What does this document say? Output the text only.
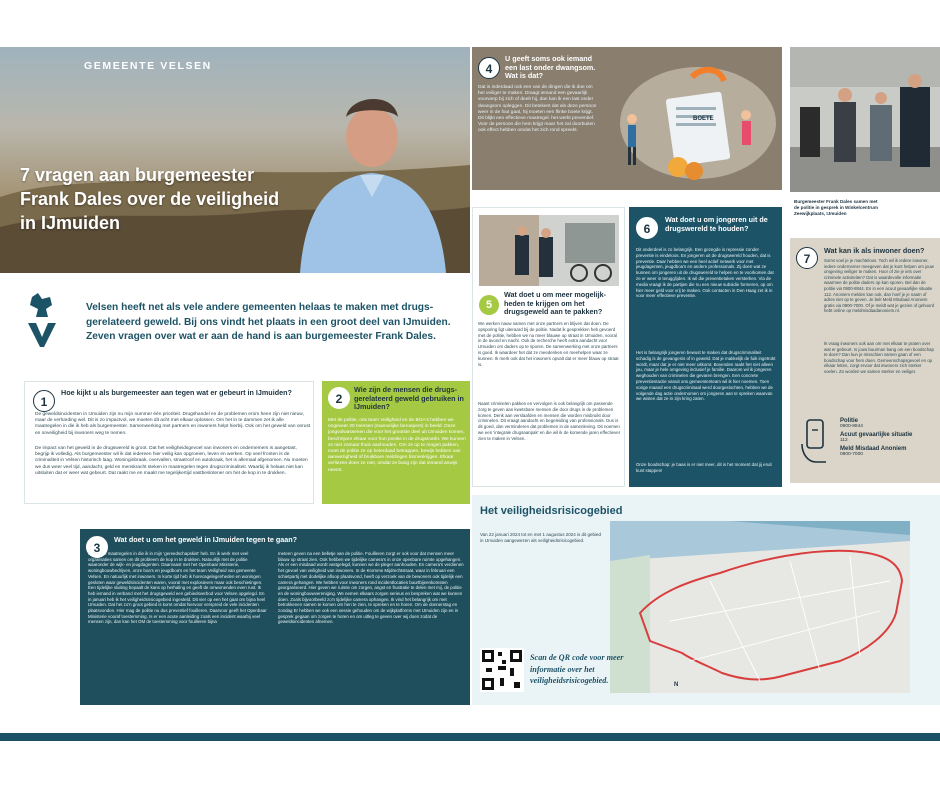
GEMEENTE VELSEN
7 vragen aan burgemeester
Frank Dales over de veiligheid
in IJmuiden
Velsen heeft net als vele andere gemeenten helaas te maken met drugs-
gerelateerd geweld. Bij ons vindt het plaats in een groot deel van IJmuiden.
Zeven vragen over wat er aan de hand is aan burgemeester Frank Dales.
1
Hoe kijkt u als burgemeester aan tegen wat er gebeurt in IJmuiden?
De geweldsincidenten in IJmuiden zijn nu mijn nummer één prioriteit. Drugshandel en de problemen erom heen zijn niet nieuw, maar de verharding wel. Dit is zo impactvol, we moeten dit acht met elkaar oplossen. Om het in te dammen zet ik alle maatregelen in die ik heb als burgemeester. Samenwerking met partners en inwoners helpt hierbij. Ook om het geweld van onrust en onveiligheid bij inwoners weg te nemen.
De impact van het geweld in de drugswereld is groot. Dat het veiligheidsgevoel van inwoners en ondernemers is aangetast, begrijp ik volledig. Als burgemeester wil ik dat iedereen hier veilig kan opgroeien, leven en werken. Op veel fronten is de criminaliteit in Velsen historisch laag. Woninginbraak, overvallen, straatroof en autokraak, het is allemaal afgenomen. Nu moeten we dus weer veel tijd, aandacht, geld en menskracht steken in maatregelen tegen drugscriminaliteit. Waarbij ik helaas niet kan uitsluiten dat er weer wat gebeurt. Dat raakt me en maakt me tegelijkertijd vastbeslotener om het de kop in te drukken.
2
Wie zijn de mensen die drugs-gerelateerd geweld gebruiken in IJmuiden?
Met de politie, ons team Veiligheid en de BOA's hebben we ongeveer 20 mensen (mannelijke beroepers) in beeld. Deze jongvolwassenen die voor het grootste deel uit IJmuiden komen, beschrijven elkaar voor hun positie in de drugsmarkt. We kunnen ze niet zomaar thuis aanhouden. Om ze op te mogen pakken, moet de politie ze op heterdaad betrappen, bewijs hebben van aanwezigheid of bruikbare meldingen binnenkrijgen. Elkaar verliezen doen ze niet, omdat ze bang zijn dat iemand anwijs neemt.
3
Wat doet u om het geweld in IJmuiden tegen te gaan?
Ik zet alle maatregelen in die ik in mijn 'gereedschapskist' heb. En ik werk met veel organisaties samen om dit probleem de kop in te drukken. Natuurlijk met de politie waaronder de wijk- en jeugdagenten. Daarnaast met het Openbaar Ministerie, woningbouwbedrijven, onze boa's en jeugdboa's en het team Veiligheid van gemeente Velsen. En natuurlijk met inwoners. In korte tijd heb ik horecagelegenheden en woningen gesloten waar geweldsincidenten waren, vooral met explosieven maar ook beschietingen. Een tijdelijke sluiting bepaalt de kans op herhaling en geeft de omwonenden even rust. Ik heb iemand in verband met het drugsgeweld een gebiedsverbod voor Velsen opgelegd. En in januari heb ik het veiligheidsrisicogebied ingesteld. Dit vier op een het gaat om bijna heel IJmuiden. Dat het zo'n groot gebied is komt omdat hiervoor verspreid de vele incidenten plaatsvonden. Hier mag de politie nu dus preventief fouilleren. Daarvoor geeft het Openbaar Ministerie vooraf toestemming. Is er een acute aanleiding zoals een incident waarbij veel mensen zijn, dan kan het OM de toestemming voor fouilleren bijna
meteen geven na een belletje van de politie. Fouilleren zorgt er ook voor dat mensen meer blauw op straat zien. Ook hebben we tijdelijke camera's in onze openbare ruimte opgehangen. Als er een misdaad wordt vastgelegd, kunnen we de pleger aanhouden. En camera's verdienen het gevoel van veiligheid van inwoners. In de Kromme Mijdrechtstraat, waar in februari een schietpartij met dodelijke afloop plaatsvond, heeft op verzoek van de bewoners ook tijdelijk een camera gehangen. We hebben voor inwoners rond incidentlocaties buurtbijeenkomsten georganiseerd. Hier geven we ruimte om zorgen, angst en frustratie te delen met mij, de politie en de woningbouwvereniging. We nemen elkaars zorgen serieus en bespreken wat we kunnen doen. Zoals bijvoorbeeld zo'n tijdelijke camera ophangen. Ik vind het belangrijk om met betrokkenen samen te komen om hen te zien, te spreken en te horen. Om de donnerstag en zondag Er hebben we ook een sessie gehouden om de wijkplatforms met IJmuiden zijn en in gesprek gegaan om zorgen te horen en om uitleg te geven over wij doen zodat de geweldsincidenten afnemen.
4
U geeft soms ook iemand een last onder dwangsom. Wat is dat?
Dat is inderdaad ook een van de dingen die ik doe om het veiliger te maken. Draagt iemand een gevaarlijk voorwerp bij zich of deelt hij, dan kan ik een last onder dwangsom opleggen. Dit betekent dat als deze persoon weer in de fout gaat, hij moeten een flinke boete krijgt. Dit blijkt een effectieve maatregel. het werkt preventief. Voor de persoon die hem krijgt maar het zal doorbuiten ook effect hebben omdat het zich rond spreekt.
BOETE
5
Wat doet u om meer mogelijk-heden te krijgen om het drugsgeweld aan te pakken?
We werken nauw samen met onze partners en blijven dat doen. De opsporing ligt uiteraard bij de politie. Nadat ik gesprekken heb gevoerd met de politie, hebben we nu meer blauwe op straat in IJmuiden, vooral in de avond en nacht. Ook de recherche heeft extra aandacht voor IJmuiden om daders op te sporen. De samenwerking met onze partners is goed. Ik waardeer het dat ze meedenken en meehelpen waar ze kunnen. Ik merk ook dat het inwoners opvalt dat er meer blauw op straat is.
Naast criminelen pakken en vervolgen is ook belangrijk om passende zorg te geven aan kwetsbare mensen die door drugs in de problemen komen. Denk aan verslaafden en mensen die worden misbruikt door criminelen. Dit vraagt aandacht en begeleiding van professionals. Dus is dit goed, dan verminderen dat problemen in de samenleving. Dit noemen we een 'integrale drugsaanpak' en die wil ik de komende jaren effectiever zien te maken in Velsen.
6
Wat doet u om jongeren uit de drugswereld te houden?
Dit onderdeel is zo belangrijk. Een gezegde is repressie zonder preventie is eindeloos. En jongeren uit de drugswereld houden, dat is preventie. Daar hebben we een heel actief netwerk voor met jeugdagenten, jeugdboa's en andere professionals. Zij doen wat ze kunnen om jongeren uit de drugswereld te helpen en te voorkomen dat ze er weer in terugglijden. Ik wil die preventietaken versterken. Via de media vraagt ik de partijen die nu een nieuw subsidie formeren, op om hier meer geld voor vrij te maken. Ook contacten in Den Haag zet ik in voor meer effectieve preventie.
Het is belangrijk jongeren bewust te maken dat drugscriminaliteit schadig is de gevangenis of in geweld. Dat je makkelijk de fuik ingetrokt wordt, maar dat je er niet meer uitkomt. Bovenden raakt het niet alleen jou, maar je hele omgeving inclusief je familie. Daarom wil ik jongeren weghouden van criminelen die gevaren brengen. Een concrete preventiestactie vanuit ons gemeententeam wil ik hier noemen. Toen vorige maand een drugscriminaal werd doorgeslochten, hebben we de volgende dag actie ondernomen om jongeren aan te spreken waarvan we wisten dat ze in zijn kring zaten.
Onze boodschap: je baas is er niet meer, dit is het moment dat jij eruit kunt stappen!
Burgemeester Frank Dales samen met de politie in gesprek in Winkelcentrum Zeewijkplaats, IJmuiden
7
Wat kan ik als inwoner doen?
Soms voel je je machteloos. Toch wil ik iedere inwoner, iedere ondernemer meegeven dat je kunt helpen om jouw omgeving veiliger te maken. Hoor of zie je iets over criminele activiteiten? Dat is waardevolle informatie waarmee de politie daders op kan sporen. Bel dan de politie via 0900-8844. En in een acuut gevaarlijke situatie 112. Anoniem melden kan ook, dan hoef je je naam of adres niet op te geven. Je belt Meld Misdaad Anoniem gratis via 0800-7000. Of je meldt wat je gezien of gehoord hebt online op meldmisdaadanoniem.nl.
Ik vraag inwoners ook aan om met elkaar te praten over wat er gebeurt. Is jouw buurman bang om een boodschap te doen? Dan kun je misschien samen gaan of een boodschap voor hem doen. Gemeenschapsgevoel en op elkaar letten, zorgt ervoor dat inwoners zich sterker voelen. Zo worden we samen sterker en veiliger.
Politie
0900-8844
Acuut gevaarlijke situatie
112
Meld Misdaad Anoniem
0800-7000
Het veiligheidsrisicogebied
Van 22 januari 2024 tot en met 1 augustus 2024 is dit gebied in IJmuiden aangewezen als veiligheidsrisicogebied.
N
Scan de QR code voor meer informatie over het veiligheidsrisicogebied.
